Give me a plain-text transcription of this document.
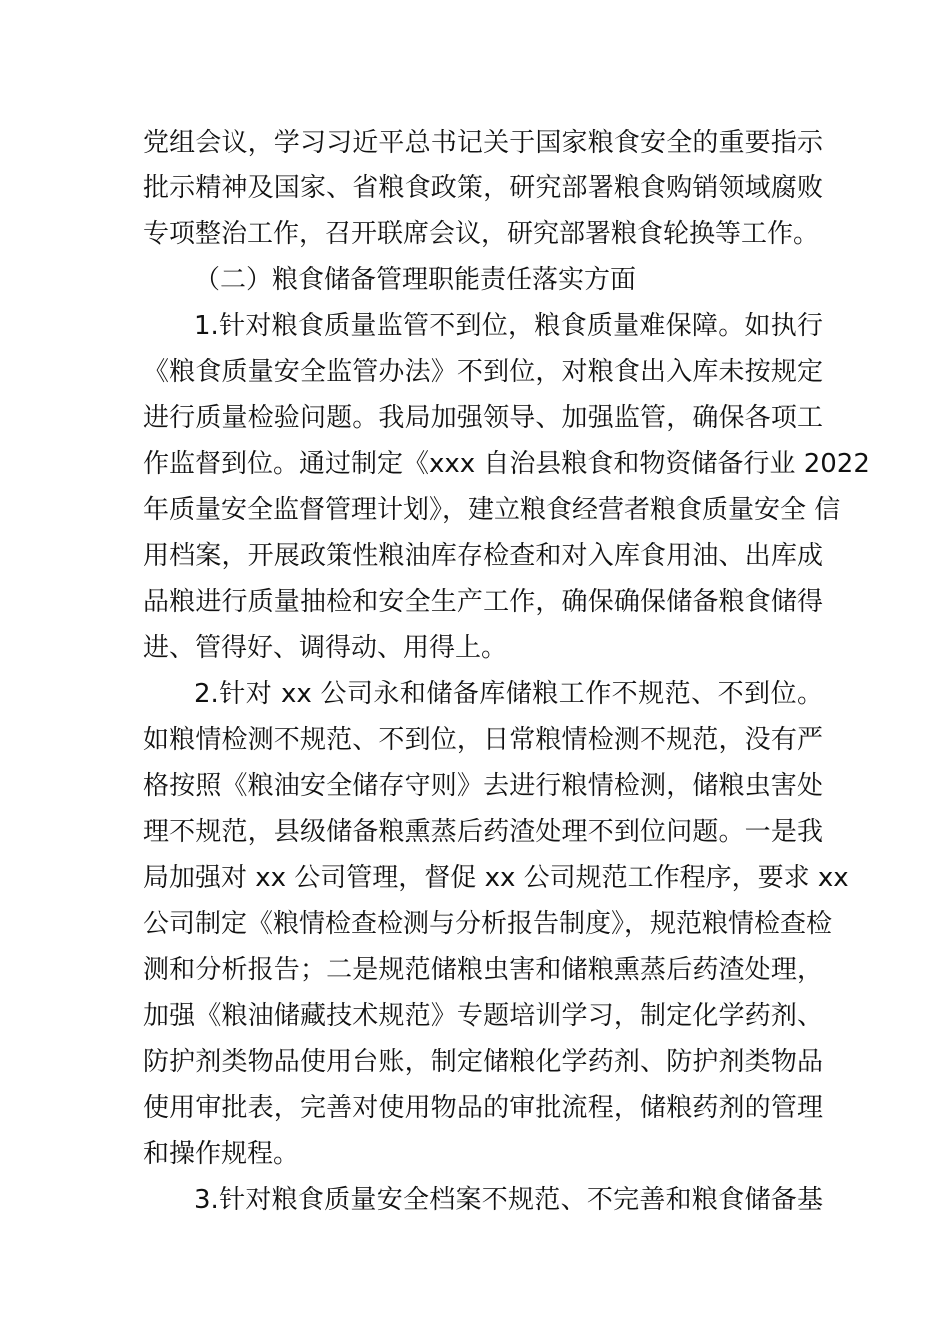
党组会议，学习习近平总书记关于国家粮食安全的重要指示
批示精神及国家、省粮食政策，研究部署粮食购销领域腐败
专项整治工作，召开联席会议，研究部署粮食轮换等工作。
（二）粮食储备管理职能责任落实方面
1.针对粮食质量监管不到位，粮食质量难保障。如执行
《粮食质量安全监管办法》不到位，对粮食出入库未按规定
进行质量检验问题。我局加强领导、加强监管，确保各项工
作监督到位。通过制定《xxx 自治县粮食和物资储备行业 2022
年质量安全监督管理计划》，建立粮食经营者粮食质量安全 信
用档案，开展政策性粮油库存检查和对入库食用油、出库成
品粮进行质量抽检和安全生产工作，确保确保储备粮食储得
进、管得好、调得动、用得上。
2.针对 xx 公司永和储备库储粮工作不规范、不到位。
如粮情检测不规范、不到位，日常粮情检测不规范，没有严
格按照《粮油安全储存守则》去进行粮情检测，储粮虫害处
理不规范，县级储备粮熏蒸后药渣处理不到位问题。一是我
局加强对 xx 公司管理，督促 xx 公司规范工作程序，要求 xx
公司制定《粮情检查检测与分析报告制度》，规范粮情检查检
测和分析报告；二是规范储粮虫害和储粮熏蒸后药渣处理，
加强《粮油储藏技术规范》专题培训学习，制定化学药剂、
防护剂类物品使用台账，制定储粮化学药剂、防护剂类物品
使用审批表，完善对使用物品的审批流程，储粮药剂的管理
和操作规程。
3.针对粮食质量安全档案不规范、不完善和粮食储备基
